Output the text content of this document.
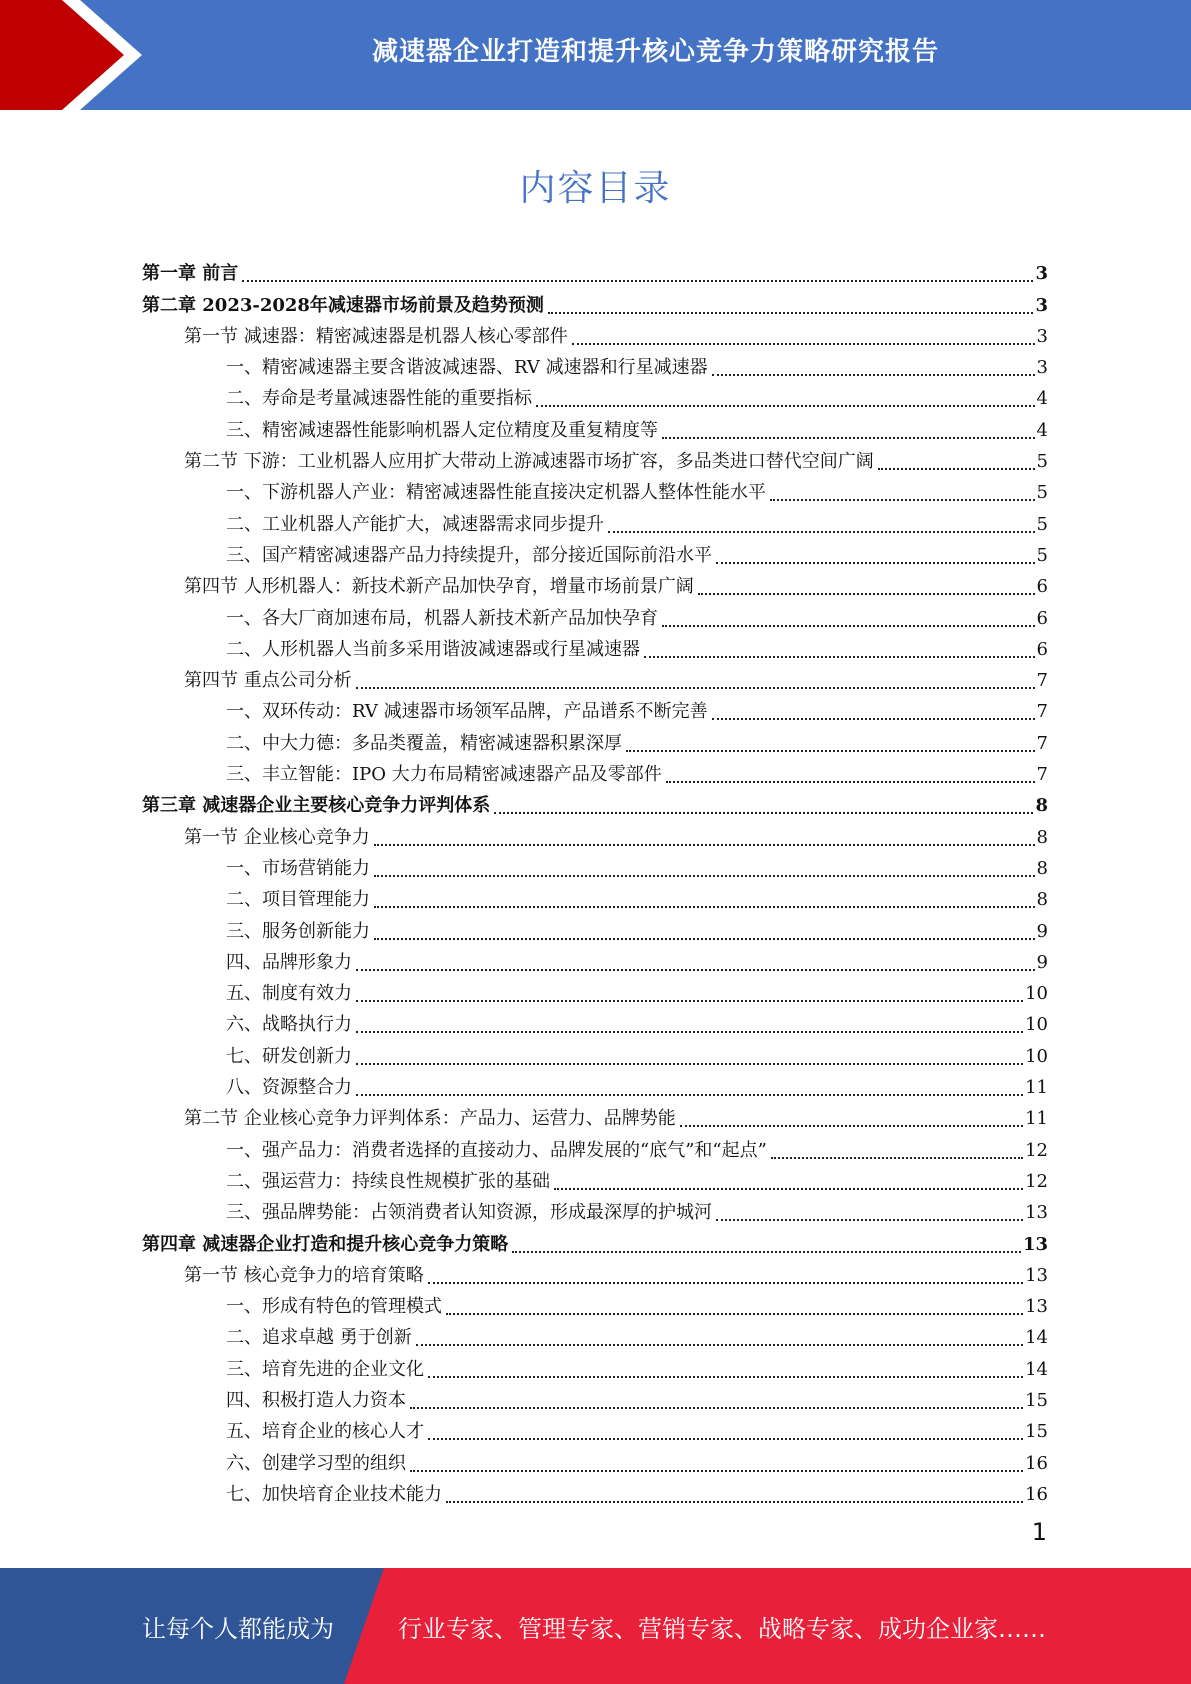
减速器企业打造和提升核心竞争力策略研究报告
内容目录
第一章 前言	3
第二章 2023-2028年减速器市场前景及趋势预测	3
第一节 减速器：精密减速器是机器人核心零部件	3
一、精密减速器主要含谐波减速器、RV 减速器和行星减速器	3
二、寿命是考量减速器性能的重要指标	4
三、精密减速器性能影响机器人定位精度及重复精度等	4
第二节 下游：工业机器人应用扩大带动上游减速器市场扩容，多品类进口替代空间广阔	5
一、下游机器人产业：精密减速器性能直接决定机器人整体性能水平	5
二、工业机器人产能扩大，减速器需求同步提升	5
三、国产精密减速器产品力持续提升，部分接近国际前沿水平	5
第四节 人形机器人：新技术新产品加快孕育，增量市场前景广阔	6
一、各大厂商加速布局，机器人新技术新产品加快孕育	6
二、人形机器人当前多采用谐波减速器或行星减速器	6
第四节 重点公司分析	7
一、双环传动：RV 减速器市场领军品牌，产品谱系不断完善	7
二、中大力德：多品类覆盖，精密减速器积累深厚	7
三、丰立智能：IPO 大力布局精密减速器产品及零部件	7
第三章 减速器企业主要核心竞争力评判体系	8
第一节 企业核心竞争力	8
一、市场营销能力	8
二、项目管理能力	8
三、服务创新能力	9
四、品牌形象力	9
五、制度有效力	10
六、战略执行力	10
七、研发创新力	10
八、资源整合力	11
第二节 企业核心竞争力评判体系：产品力、运营力、品牌势能	11
一、强产品力：消费者选择的直接动力、品牌发展的“底气”和“起点”	12
二、强运营力：持续良性规模扩张的基础	12
三、强品牌势能：占领消费者认知资源，形成最深厚的护城河	13
第四章 减速器企业打造和提升核心竞争力策略	13
第一节 核心竞争力的培育策略	13
一、形成有特色的管理模式	13
二、追求卓越 勇于创新	14
三、培育先进的企业文化	14
四、积极打造人力资本	15
五、培育企业的核心人才	15
六、创建学习型的组织	16
七、加快培育企业技术能力	16
1
让每个人都能成为	行业专家、管理专家、营销专家、战略专家、成功企业家……
